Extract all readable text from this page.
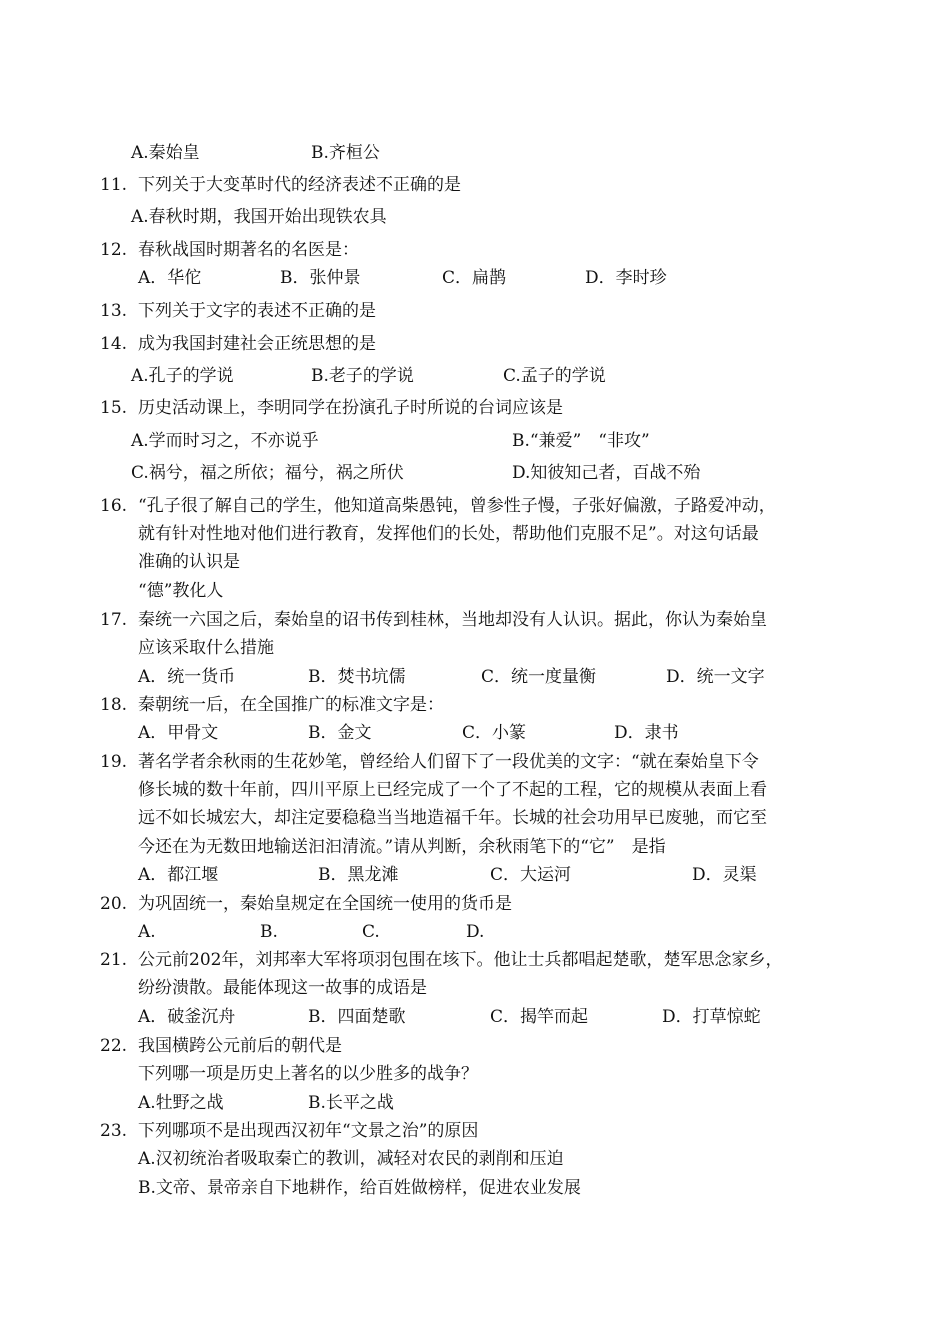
A.秦始皇	B.齐桓公
11. 下列关于大变革时代的经济表述不正确的是
A.春秋时期，我国开始出现铁农具
12. 春秋战国时期著名的名医是：
A．华佗	B．张仲景	C．扁鹊	D．李时珍
13. 下列关于文字的表述不正确的是
14. 成为我国封建社会正统思想的是
A.孔子的学说	B.老子的学说	C.孟子的学说
15. 历史活动课上，李明同学在扮演孔子时所说的台词应该是
A.学而时习之，不亦说乎	B.“兼爱”　“非攻”
C.祸兮，福之所依；福兮，祸之所伏	D.知彼知己者，百战不殆
16. “孔子很了解自己的学生，他知道高柴愚钝，曾参性子慢，子张好偏激，子路爱冲动，
就有针对性地对他们进行教育，发挥他们的长处，帮助他们克服不足”。对这句话最
准确的认识是
“德”教化人
17. 秦统一六国之后，秦始皇的诏书传到桂林，当地却没有人认识。据此，你认为秦始皇
应该采取什么措施
A．统一货币	B．焚书坑儒	C．统一度量衡	D．统一文字
18. 秦朝统一后，在全国推广的标准文字是：
A．甲骨文	B．金文	C．小篆	D．隶书
19. 著名学者余秋雨的生花妙笔，曾经给人们留下了一段优美的文字：“就在秦始皇下令
修长城的数十年前，四川平原上已经完成了一个了不起的工程，它的规模从表面上看
远不如长城宏大，却注定要稳稳当当地造福千年。长城的社会功用早已废驰，而它至
今还在为无数田地输送汩汩清流。”请从判断，余秋雨笔下的“它”　是指
A．都江堰	B．黑龙滩	C．大运河	D．灵渠
20. 为巩固统一，秦始皇规定在全国统一使用的货币是
A.	B.	C.	D.
21. 公元前202年，刘邦率大军将项羽包围在垓下。他让士兵都唱起楚歌，楚军思念家乡，
纷纷溃散。最能体现这一故事的成语是
A．破釜沉舟	B．四面楚歌	C．揭竿而起	D．打草惊蛇
22. 我国横跨公元前后的朝代是
下列哪一项是历史上著名的以少胜多的战争？
A.牡野之战	B.长平之战
23. 下列哪项不是出现西汉初年“文景之治”的原因
A.汉初统治者吸取秦亡的教训，减轻对农民的剥削和压迫
B.文帝、景帝亲自下地耕作，给百姓做榜样，促进农业发展
